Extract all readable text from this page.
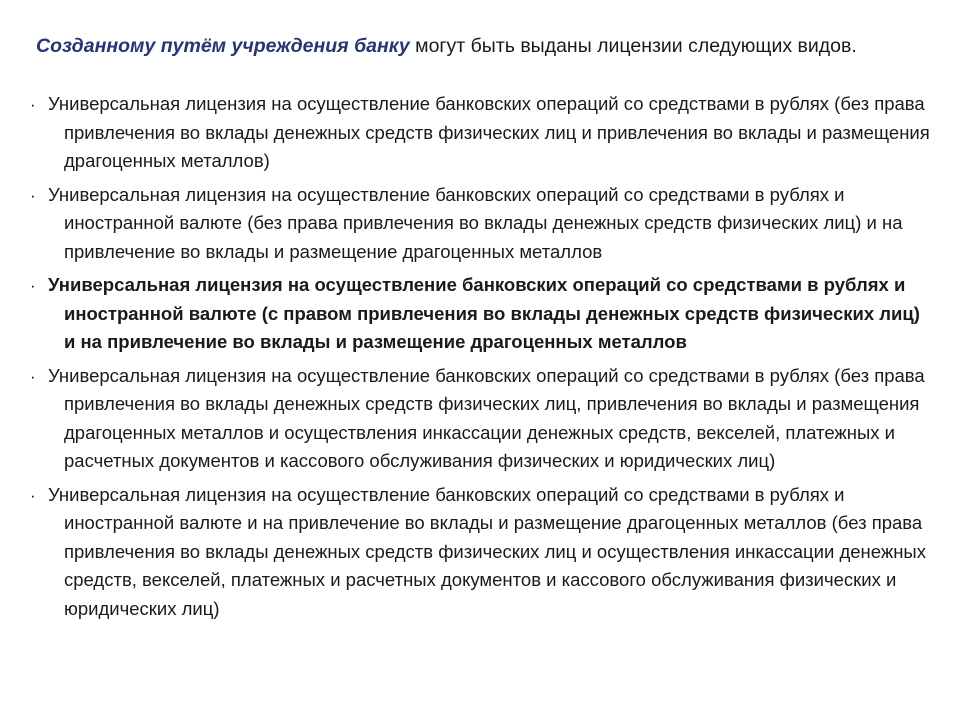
Созданному путём учреждения банку могут быть выданы лицензии следующих видов.
· Универсальная лицензия на осуществление банковских операций со средствами в рублях (без права привлечения во вклады денежных средств физических лиц и привлечения во вклады и размещения драгоценных металлов)
· Универсальная лицензия на осуществление банковских операций со средствами в рублях и иностранной валюте (без права привлечения во вклады денежных средств физических лиц) и на привлечение во вклады и размещение драгоценных металлов
· Универсальная лицензия на осуществление банковских операций со средствами в рублях и иностранной валюте (с правом привлечения во вклады денежных средств физических лиц) и на привлечение во вклады и размещение драгоценных металлов
· Универсальная лицензия на осуществление банковских операций со средствами в рублях (без права привлечения во вклады денежных средств физических лиц, привлечения во вклады и размещения драгоценных металлов и осуществления инкассации денежных средств, векселей, платежных и расчетных документов и кассового обслуживания физических и юридических лиц)
· Универсальная лицензия на осуществление банковских операций со средствами в рублях и иностранной валюте и на привлечение во вклады и размещение драгоценных металлов (без права привлечения во вклады денежных средств физических лиц и осуществления инкассации денежных средств, векселей, платежных и расчетных документов и кассового обслуживания физических и юридических лиц)
